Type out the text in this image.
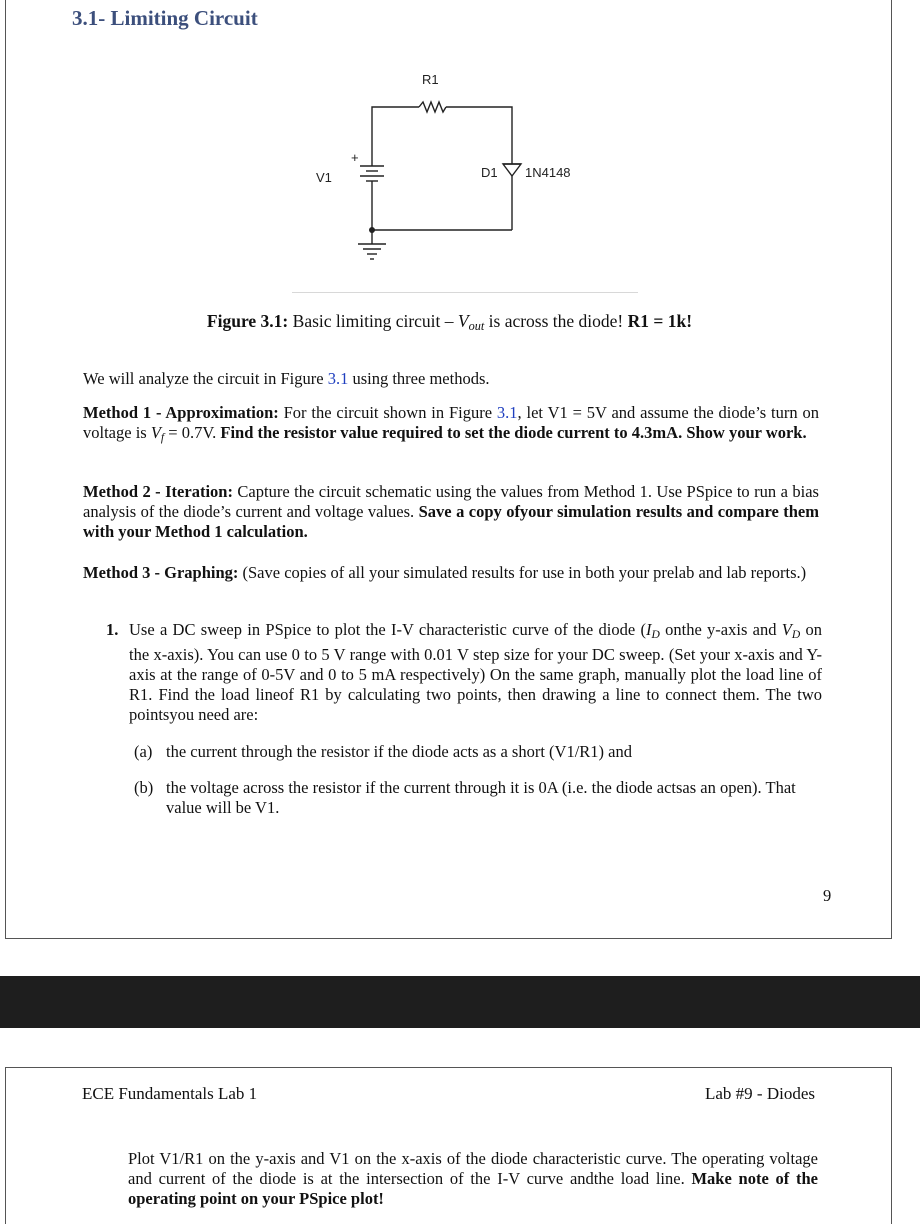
3.1- Limiting Circuit
R1
V1
+
D1 1N4148
Figure 3.1: Basic limiting circuit – $V_{out}$ is across the diode! R1 = 1k!

We will analyze the circuit in Figure 3.1 using three methods.

Method 1 - Approximation: For the circuit shown in Figure 3.1, let V1 = 5V and assume the diode’s turn on voltage is $V_f = 0.7V$. Find the resistor value required to set the diode current to 4.3mA. Show your work.

Method 2 - Iteration: Capture the circuit schematic using the values from Method 1. Use PSpice to run a bias analysis of the diode’s current and voltage values. Save a copy ofyour simulation results and compare them with your Method 1 calculation.

Method 3 - Graphing: (Save copies of all your simulated results for use in both your prelab and lab reports.)

1. Use a DC sweep in PSpice to plot the I-V characteristic curve of the diode ($I_D$ onthe y-axis and $V_D$ on the x-axis). You can use 0 to 5 V range with 0.01 V step size for your DC sweep. (Set your x-axis and Y-axis at the range of 0-5V and 0 to 5 mA respectively) On the same graph, manually plot the load line of R1. Find the load lineof R1 by calculating two points, then drawing a line to connect them. The two pointsyou need are:

(a) the current through the resistor if the diode acts as a short (V1/R1) and
(b) the voltage across the resistor if the current through it is 0A (i.e. the diode actsas an open). That value will be V1.
9
ECE Fundamentals Lab 1	Lab #9 - Diodes

Plot V1/R1 on the y-axis and V1 on the x-axis of the diode characteristic curve. The operating voltage and current of the diode is at the intersection of the I-V curve andthe load line. Make note of the operating point on your PSpice plot!
